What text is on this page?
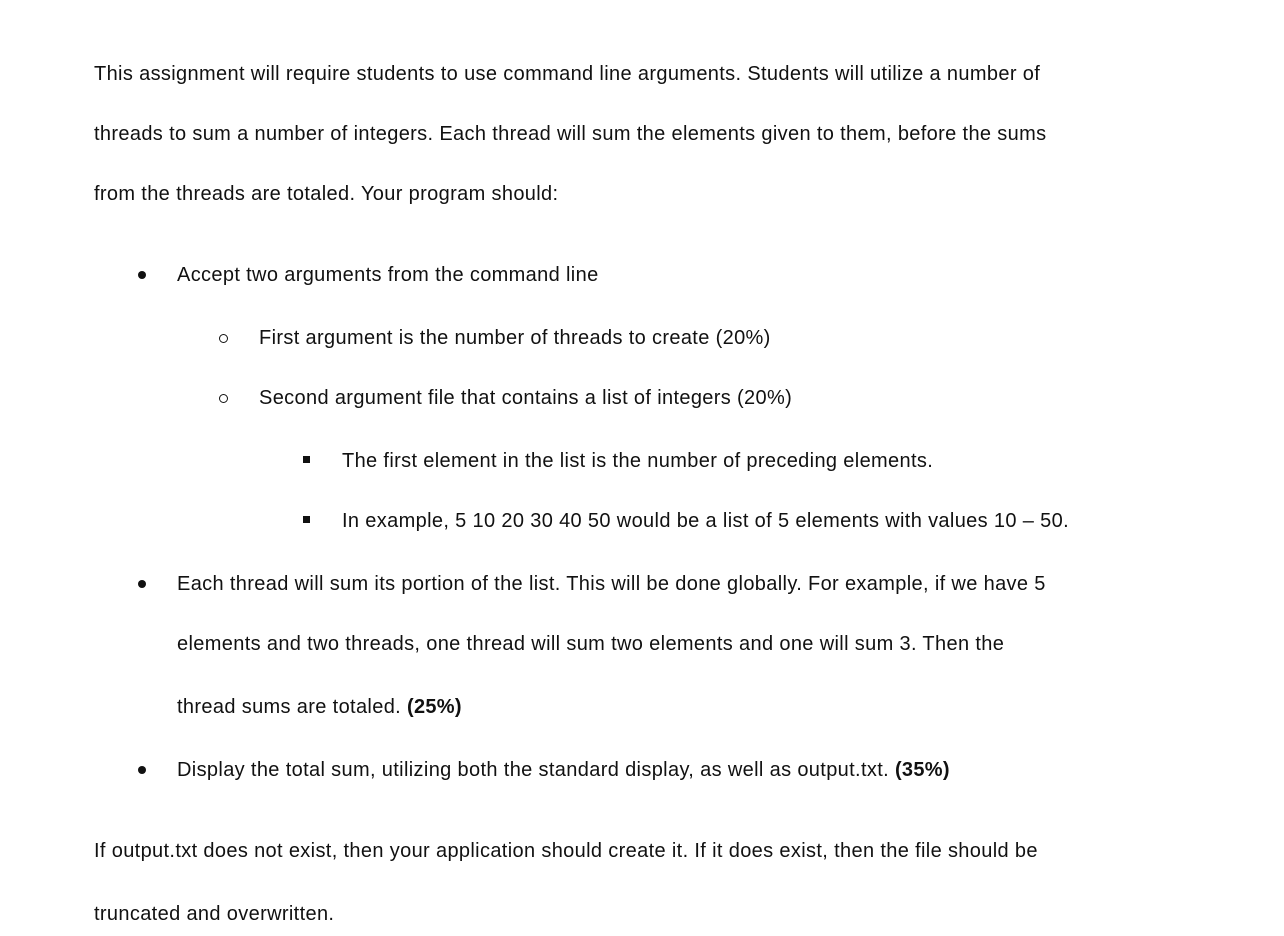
This assignment will require students to use command line arguments. Students will utilize a number of
threads to sum a number of integers. Each thread will sum the elements given to them, before the sums
from the threads are totaled. Your program should:
Accept two arguments from the command line
First argument is the number of threads to create (20%)
Second argument file that contains a list of integers (20%)
The first element in the list is the number of preceding elements.
In example, 5 10 20 30 40 50 would be a list of 5 elements with values 10 – 50.
Each thread will sum its portion of the list. This will be done globally. For example, if we have 5
elements and two threads, one thread will sum two elements and one will sum 3. Then the
thread sums are totaled. (25%)
Display the total sum, utilizing both the standard display, as well as output.txt. (35%)
If output.txt does not exist, then your application should create it. If it does exist, then the file should be
truncated and overwritten.
